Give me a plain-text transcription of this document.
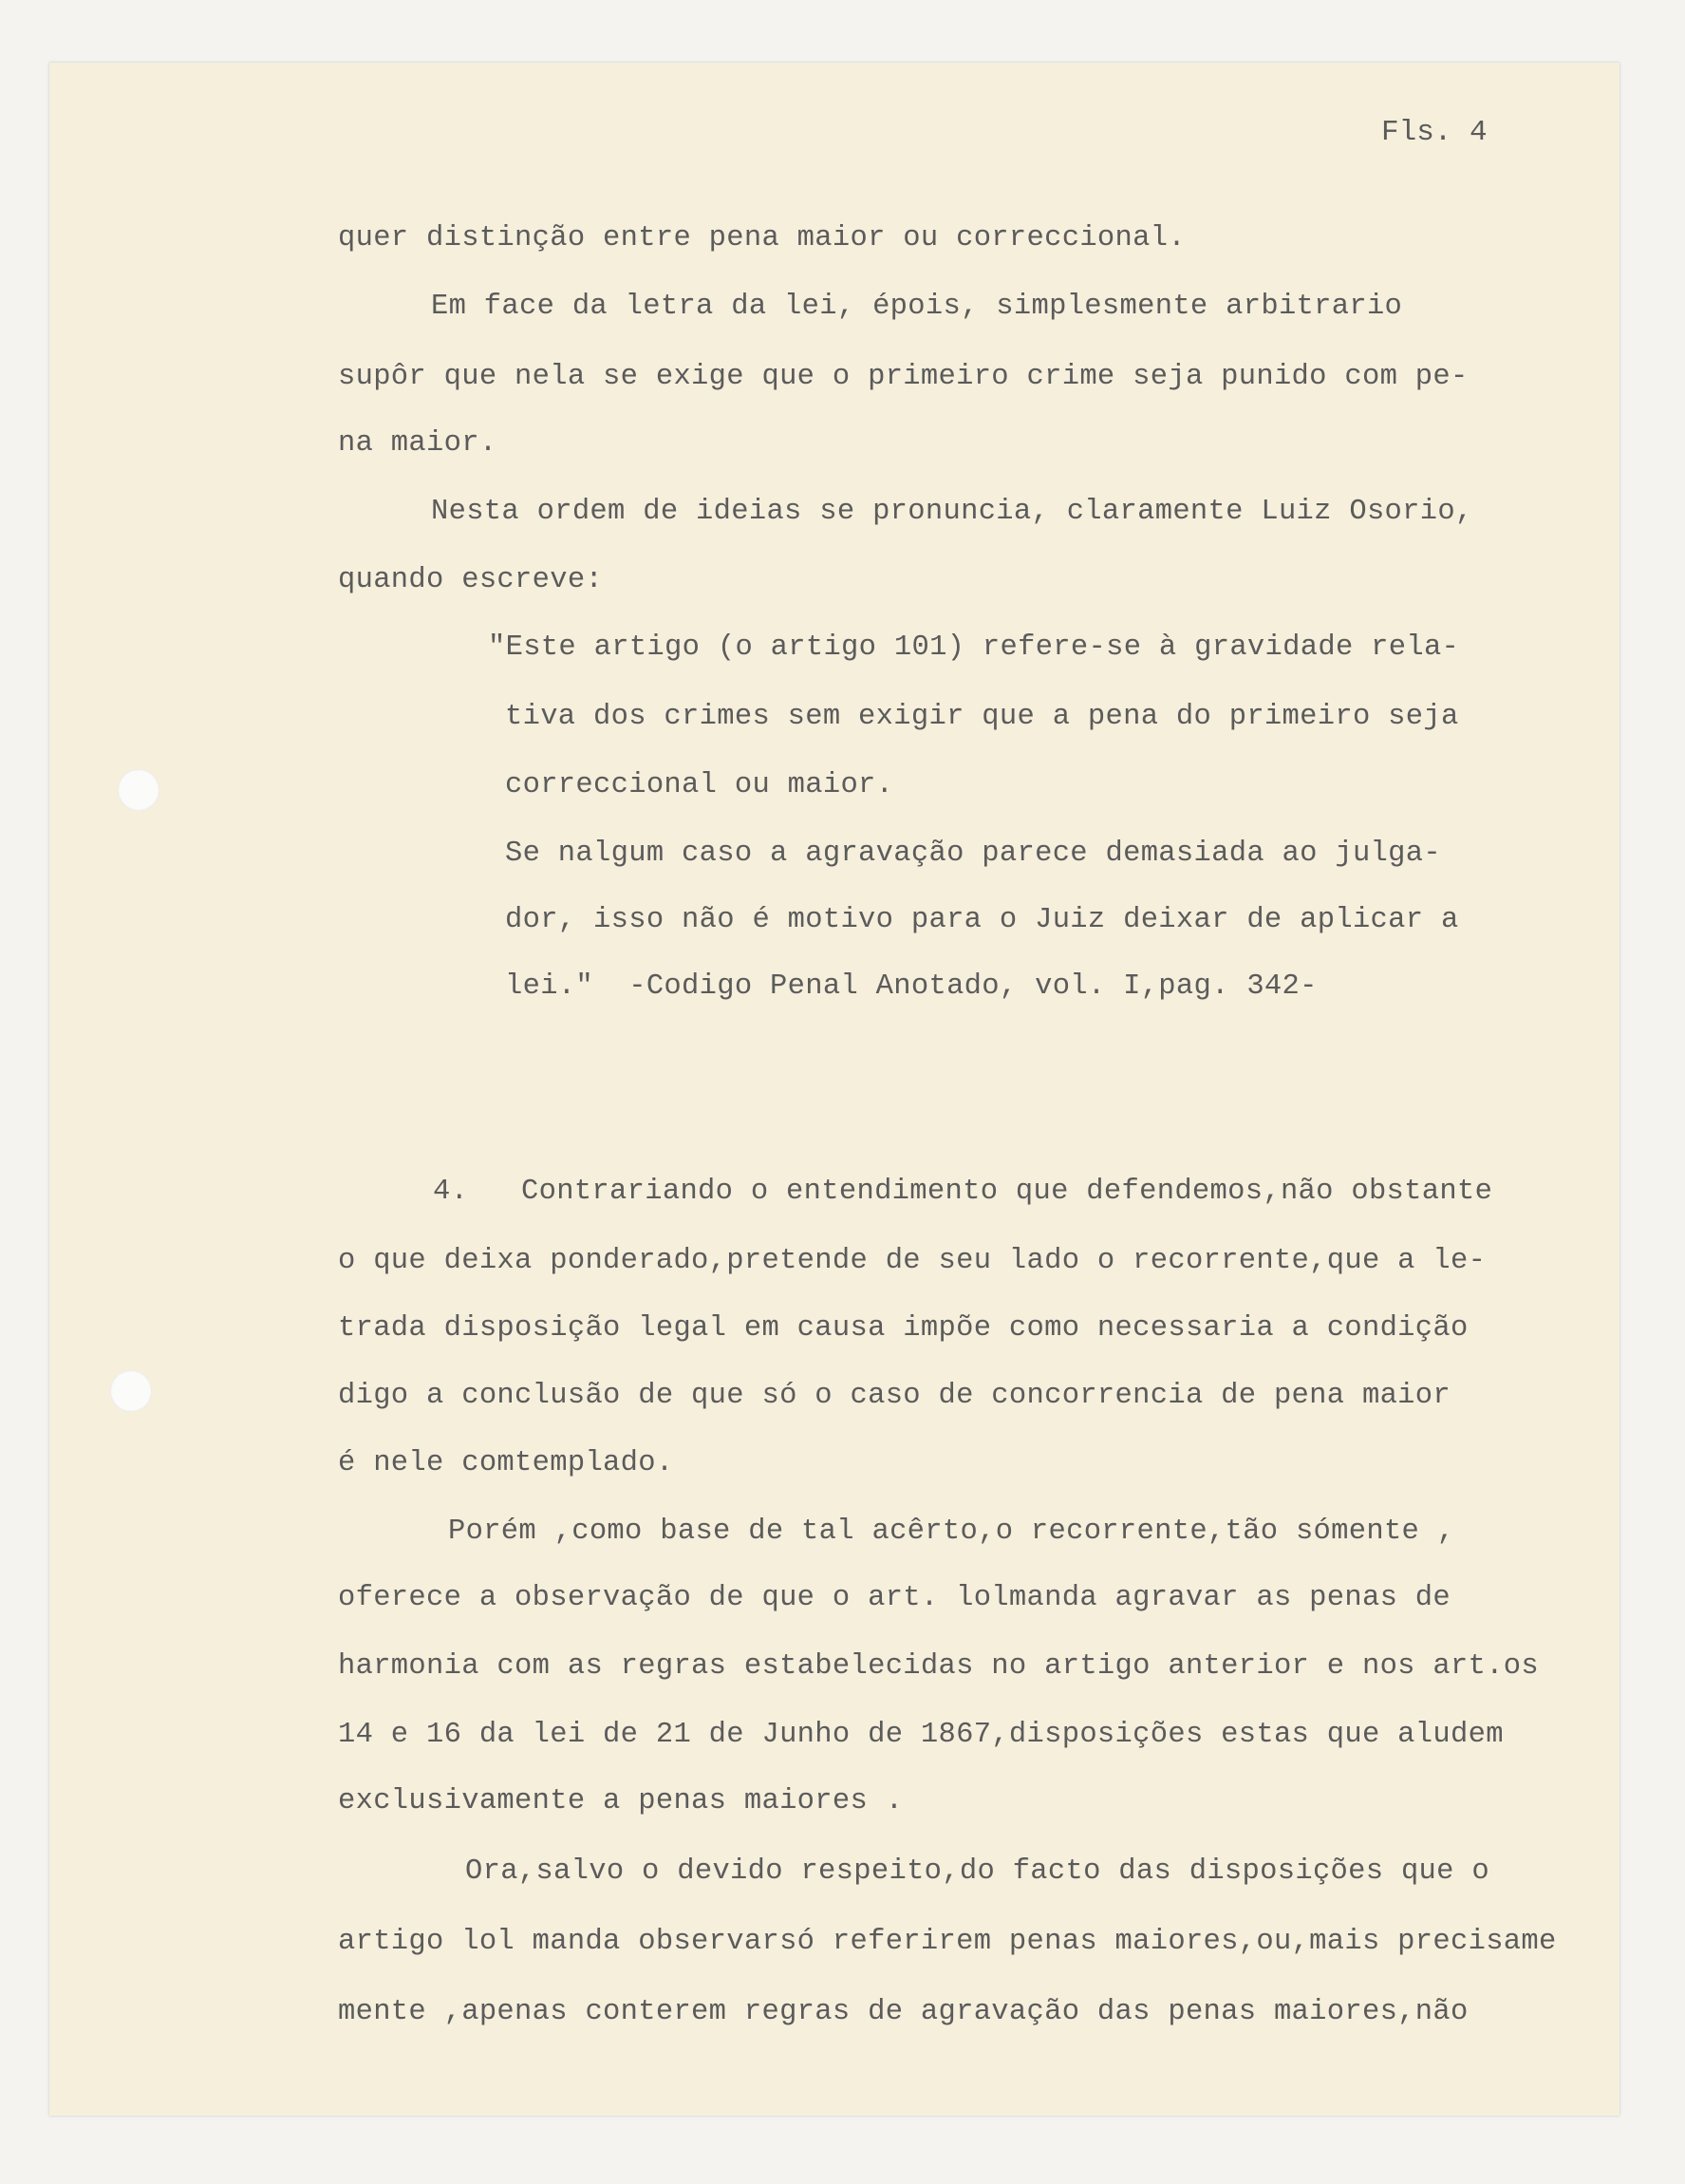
Fls. 4
quer distinção entre pena maior ou correccional.
Em face da letra da lei, épois, simplesmente arbitrario
supôr que nela se exige que o primeiro crime seja punido com pe-
na maior.
Nesta ordem de ideias se pronuncia, claramente Luiz Osorio,
quando escreve:
"Este artigo (o artigo 101) refere-se à gravidade rela-
tiva dos crimes sem exigir que a pena do primeiro seja
correccional ou maior.
Se nalgum caso a agravação parece demasiada ao julga-
dor, isso não é motivo para o Juiz deixar de aplicar a
lei."  -Codigo Penal Anotado, vol. I,pag. 342-
4.   Contrariando o entendimento que defendemos,não obstante
o que deixa ponderado,pretende de seu lado o recorrente,que a le-
trada disposição legal em causa impõe como necessaria a condição
digo a conclusão de que só o caso de concorrencia de pena maior
é nele comtemplado.
Porém ,como base de tal acêrto,o recorrente,tão sómente ,
oferece a observação de que o art. lolmanda agravar as penas de
harmonia com as regras estabelecidas no artigo anterior e nos art.os
14 e 16 da lei de 21 de Junho de 1867,disposições estas que aludem
exclusivamente a penas maiores .
Ora,salvo o devido respeito,do facto das disposições que o
artigo lol manda observarsó referirem penas maiores,ou,mais precisame
mente ,apenas conterem regras de agravação das penas maiores,não
